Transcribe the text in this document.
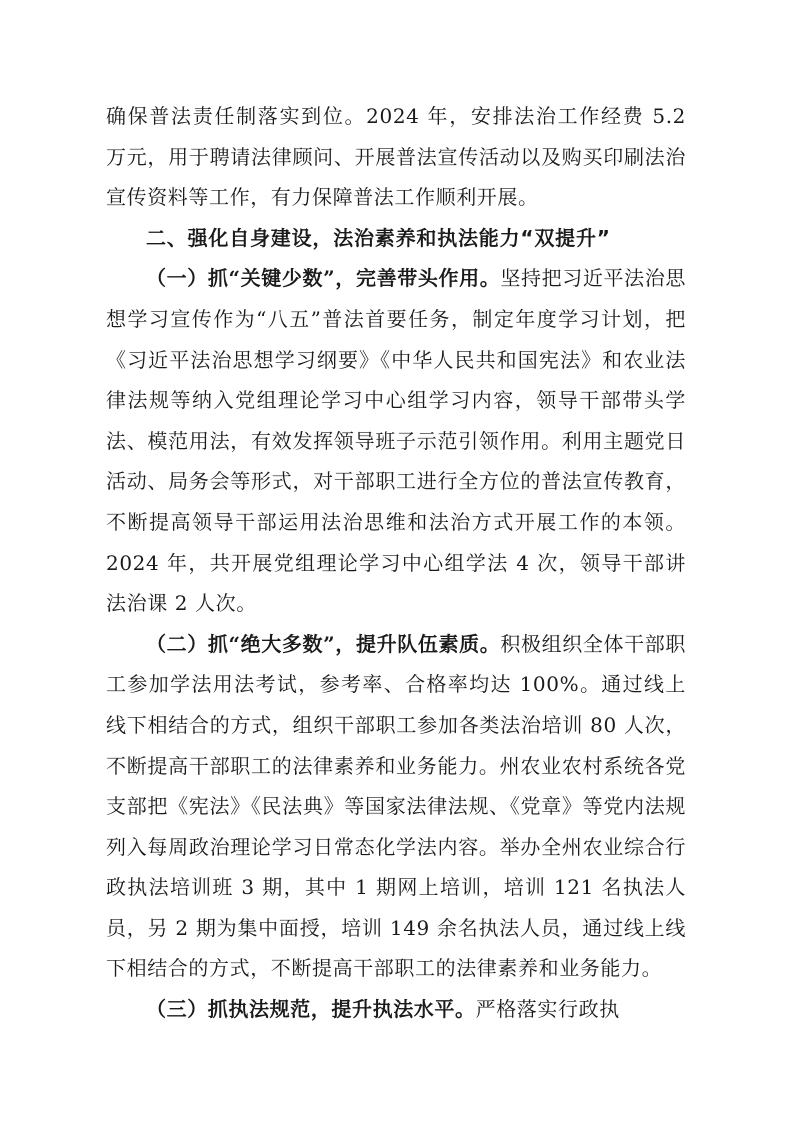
确保普法责任制落实到位。2024 年，安排法治工作经费 5.2 万元，用于聘请法律顾问、开展普法宣传活动以及购买印刷法治宣传资料等工作，有力保障普法工作顺利开展。

二、强化自身建设，法治素养和执法能力“双提升”

（一）抓“关键少数”，完善带头作用。坚持把习近平法治思想学习宣传作为“八五”普法首要任务，制定年度学习计划，把《习近平法治思想学习纲要》《中华人民共和国宪法》和农业法律法规等纳入党组理论学习中心组学习内容，领导干部带头学法、模范用法，有效发挥领导班子示范引领作用。利用主题党日活动、局务会等形式，对干部职工进行全方位的普法宣传教育，不断提高领导干部运用法治思维和法治方式开展工作的本领。2024 年，共开展党组理论学习中心组学法 4 次，领导干部讲法治课 2 人次。

（二）抓“绝大多数”，提升队伍素质。积极组织全体干部职工参加学法用法考试，参考率、合格率均达 100%。通过线上线下相结合的方式，组织干部职工参加各类法治培训 80 人次，不断提高干部职工的法律素养和业务能力。州农业农村系统各党支部把《宪法》《民法典》等国家法律法规、《党章》等党内法规列入每周政治理论学习日常态化学法内容。举办全州农业综合行政执法培训班 3 期，其中 1 期网上培训，培训 121 名执法人员，另 2 期为集中面授，培训 149 余名执法人员，通过线上线下相结合的方式，不断提高干部职工的法律素养和业务能力。

（三）抓执法规范，提升执法水平。严格落实行政执
